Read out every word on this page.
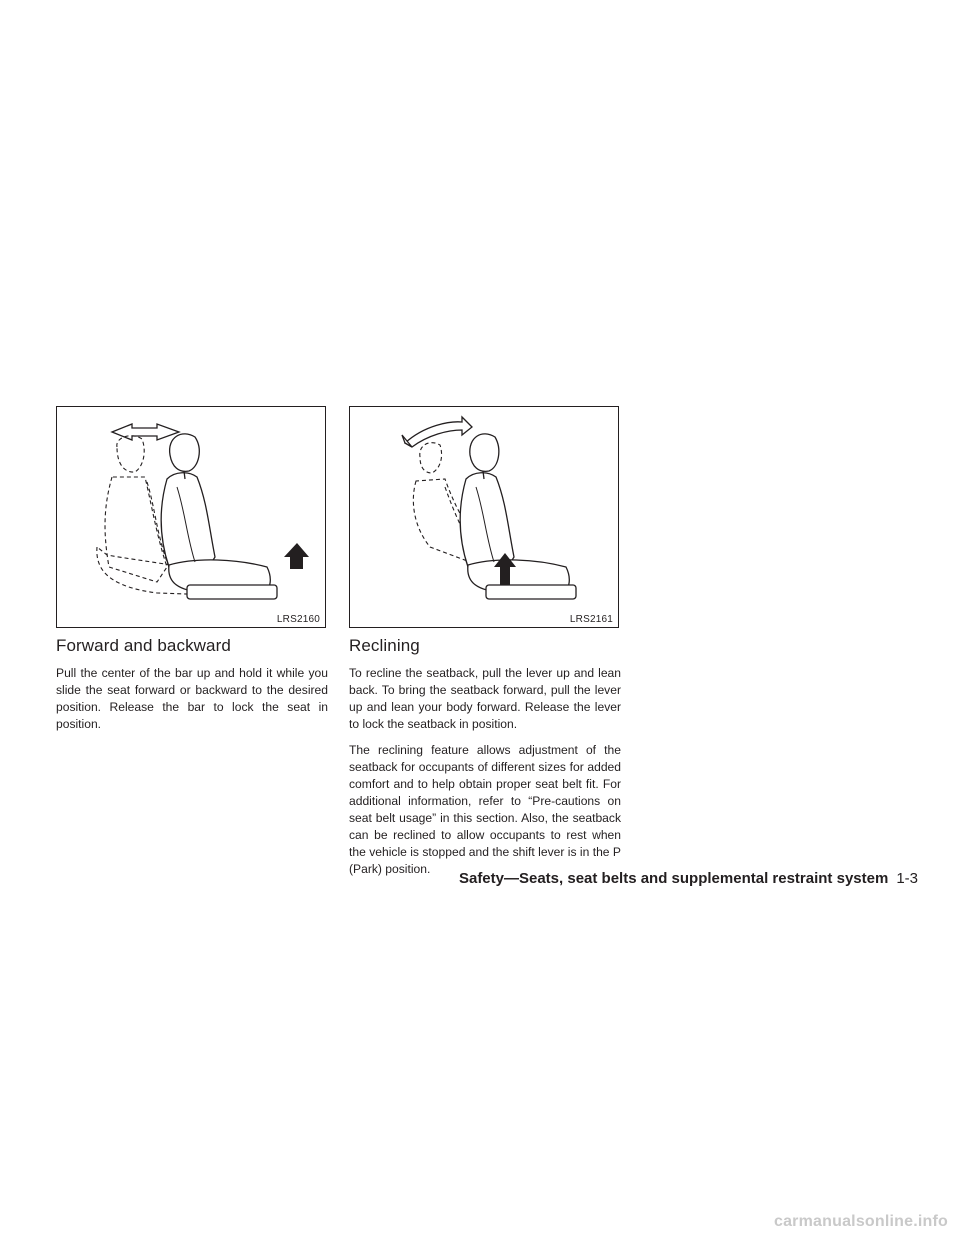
LRS2160	LRS2161
Forward and backward

Pull the center of the bar up and hold it while you slide the seat forward or backward to the desired position. Release the bar to lock the seat in position.

Reclining

To recline the seatback, pull the lever up and lean back. To bring the seatback forward, pull the lever up and lean your body forward. Release the lever to lock the seatback in position.

The reclining feature allows adjustment of the seatback for occupants of different sizes for added comfort and to help obtain proper seat belt fit. For additional information, refer to “Pre-cautions on seat belt usage” in this section. Also, the seatback can be reclined to allow occupants to rest when the vehicle is stopped and the shift lever is in the P (Park) position.

Safety—Seats, seat belts and supplemental restraint system 1-3
carmanualsonline.info
